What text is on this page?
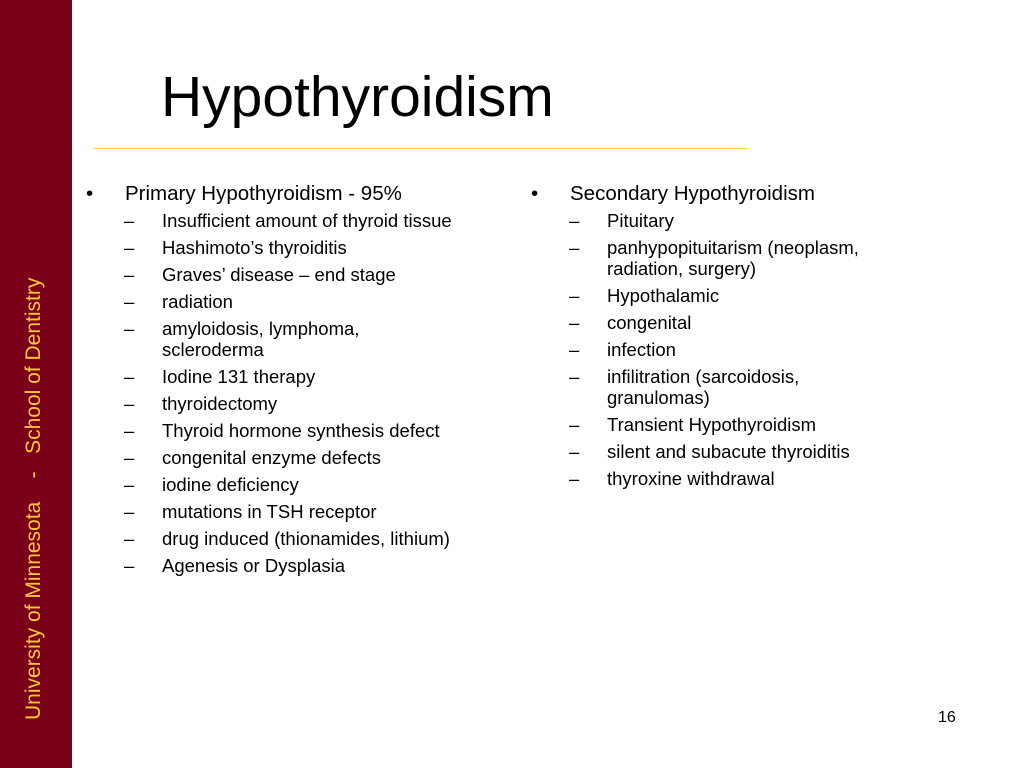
University of Minnesota    -   School of Dentistry
Hypothyroidism
•	Primary Hypothyroidism - 95%
–	Insufficient amount of thyroid tissue
–	Hashimoto’s thyroiditis
–	Graves’ disease – end stage
–	radiation
–	amyloidosis, lymphoma, scleroderma
–	Iodine 131 therapy
–	thyroidectomy
–	Thyroid hormone synthesis defect
–	congenital enzyme defects
–	iodine deficiency
–	mutations in TSH receptor
–	drug induced (thionamides, lithium)
–	Agenesis or Dysplasia
•	Secondary Hypothyroidism
–	Pituitary
–	panhypopituitarism (neoplasm, radiation, surgery)
–	Hypothalamic
–	congenital
–	infection
–	infilitration (sarcoidosis, granulomas)
–	Transient Hypothyroidism
–	silent and subacute thyroiditis
–	thyroxine withdrawal
16
